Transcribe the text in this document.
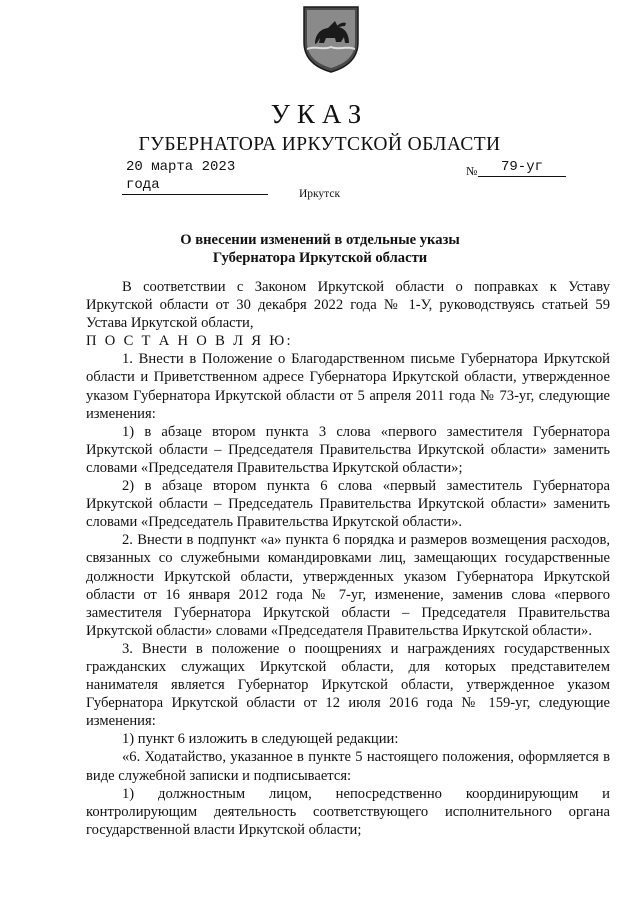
УКАЗ
ГУБЕРНАТОРА ИРКУТСКОЙ ОБЛАСТИ
20 марта 2023 года
№	79-уг
Иркутск
О внесении изменений в отдельные указы Губернатора Иркутской области

В соответствии с Законом Иркутской области о поправках к Уставу Иркутской области от 30 декабря 2022 года № 1-У, руководствуясь статьей 59 Устава Иркутской области,

П О С Т А Н О В Л Я Ю:

1. Внести в Положение о Благодарственном письме Губернатора Иркутской области и Приветственном адресе Губернатора Иркутской области, утвержденное указом Губернатора Иркутской области от 5 апреля 2011 года № 73-уг, следующие изменения:

1) в абзаце втором пункта 3 слова «первого заместителя Губернатора Иркутской области – Председателя Правительства Иркутской области» заменить словами «Председателя Правительства Иркутской области»;

2) в абзаце втором пункта 6 слова «первый заместитель Губернатора Иркутской области – Председатель Правительства Иркутской области» заменить словами «Председатель Правительства Иркутской области».

2. Внести в подпункт «а» пункта 6 порядка и размеров возмещения расходов, связанных со служебными командировками лиц, замещающих государственные должности Иркутской области, утвержденных указом Губернатора Иркутской области от 16 января 2012 года № 7-уг, изменение, заменив слова «первого заместителя Губернатора Иркутской области – Председателя Правительства Иркутской области» словами «Председателя Правительства Иркутской области».

3. Внести в положение о поощрениях и награждениях государственных гражданских служащих Иркутской области, для которых представителем нанимателя является Губернатор Иркутской области, утвержденное указом Губернатора Иркутской области от 12 июля 2016 года № 159-уг, следующие изменения:

1) пункт 6 изложить в следующей редакции:

«6. Ходатайство, указанное в пункте 5 настоящего положения, оформляется в виде служебной записки и подписывается:

1) должностным лицом, непосредственно координирующим и контролирующим деятельность соответствующего исполнительного органа государственной власти Иркутской области;
